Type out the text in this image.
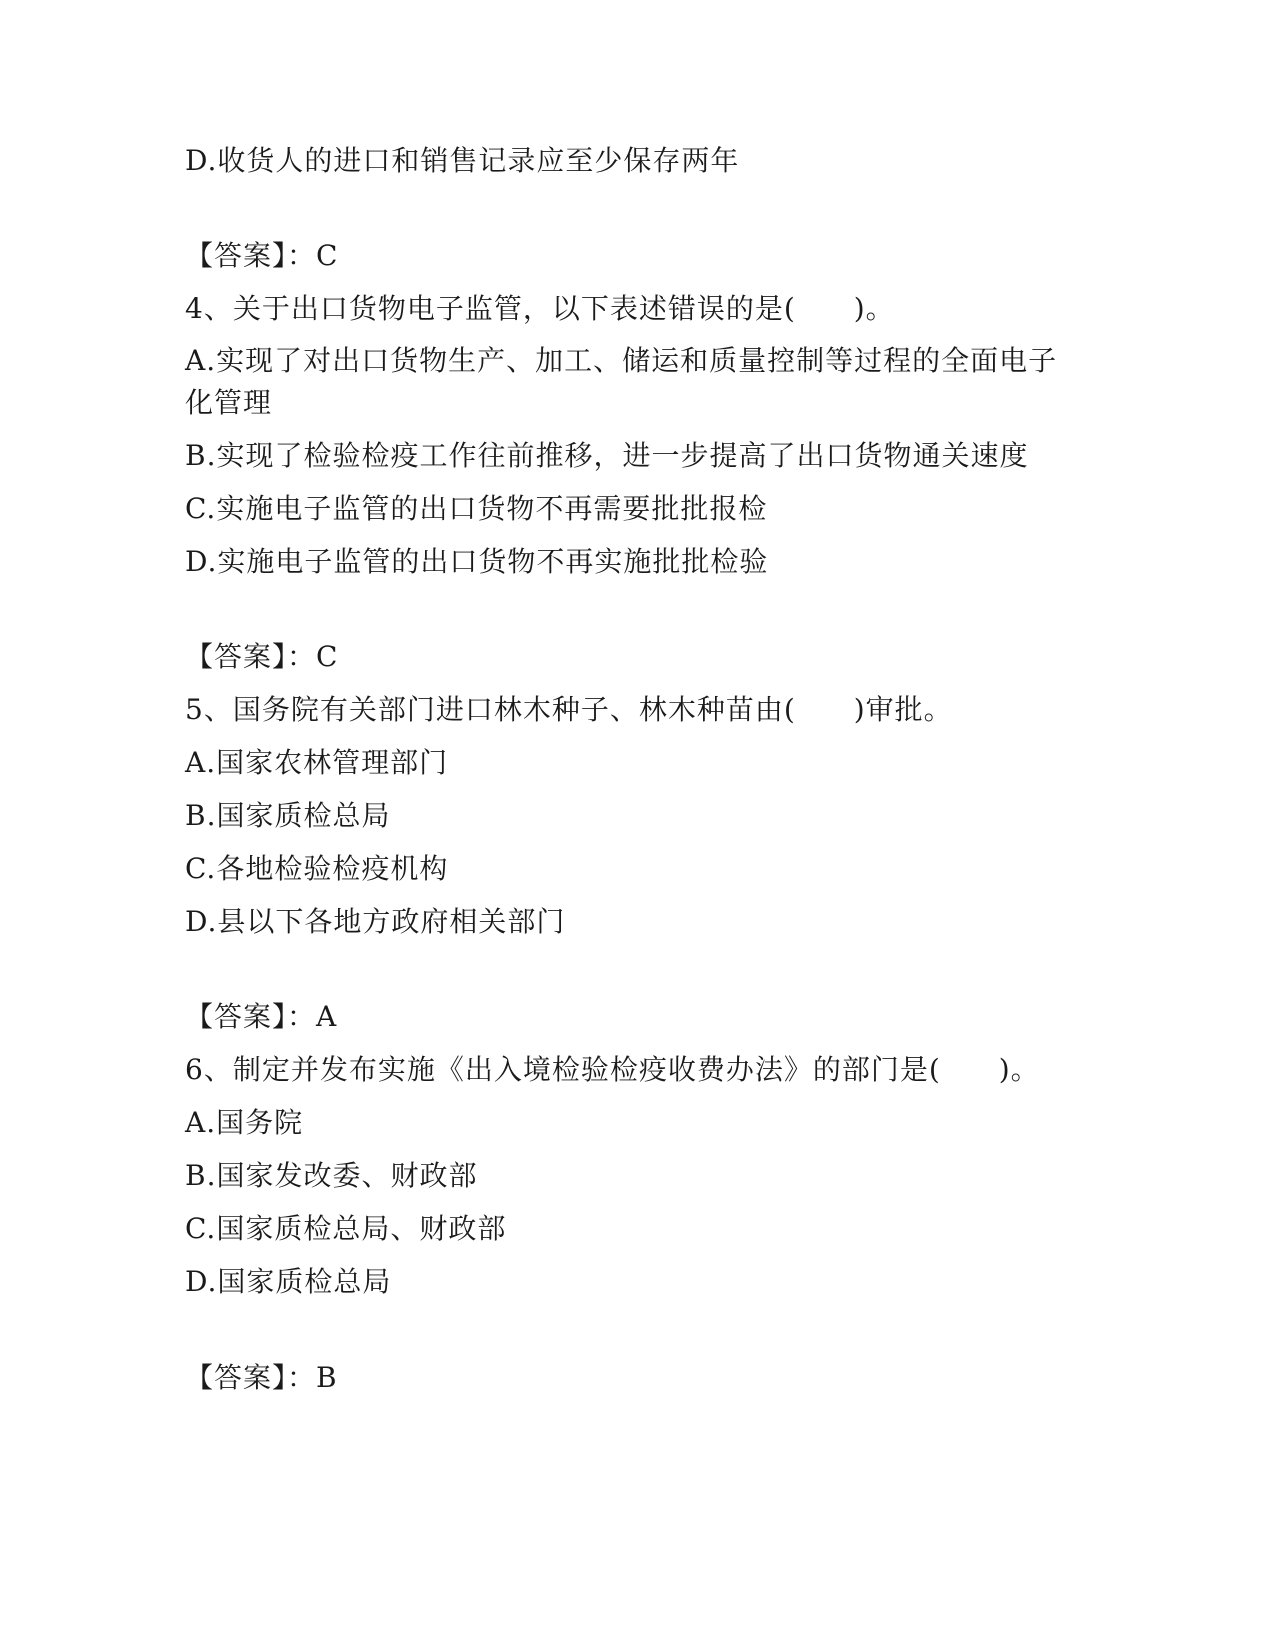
D.收货人的进口和销售记录应至少保存两年
【答案】：C
4、关于出口货物电子监管，以下表述错误的是(　　)。
A.实现了对出口货物生产、加工、储运和质量控制等过程的全面电子化管理
B.实现了检验检疫工作往前推移，进一步提高了出口货物通关速度
C.实施电子监管的出口货物不再需要批批报检
D.实施电子监管的出口货物不再实施批批检验
【答案】：C
5、国务院有关部门进口林木种子、林木种苗由(　　)审批。
A.国家农林管理部门
B.国家质检总局
C.各地检验检疫机构
D.县以下各地方政府相关部门
【答案】：A
6、制定并发布实施《出入境检验检疫收费办法》的部门是(　　)。
A.国务院
B.国家发改委、财政部
C.国家质检总局、财政部
D.国家质检总局
【答案】：B
